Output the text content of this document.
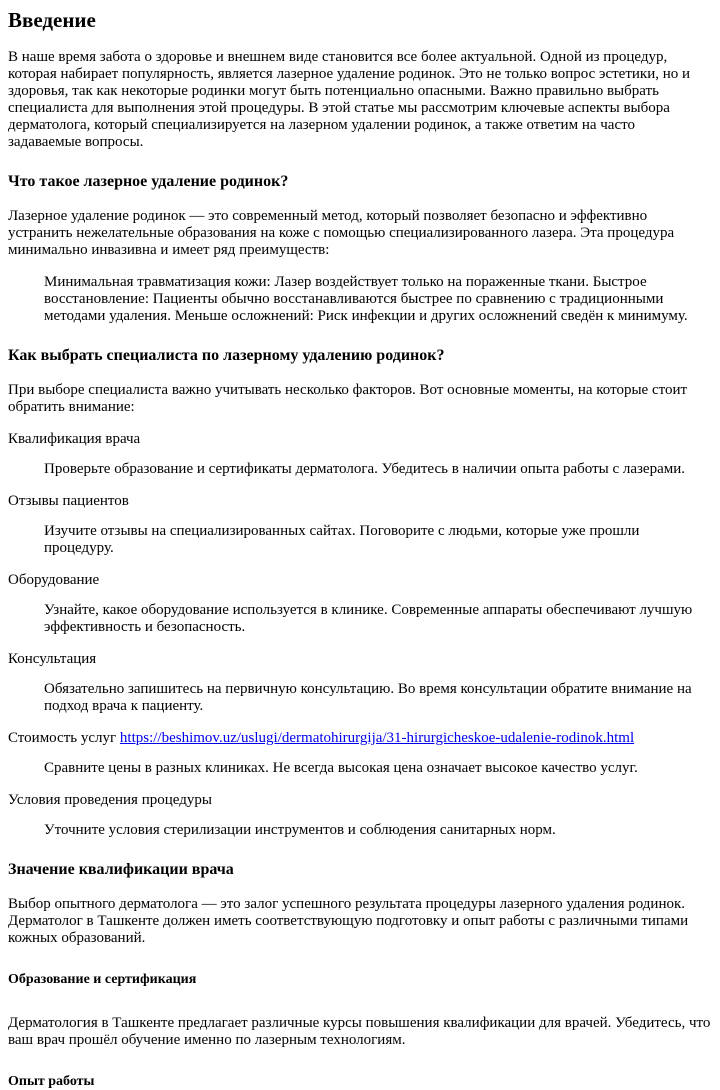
Введение

В наше время забота о здоровье и внешнем виде становится все более актуальной. Одной из процедур, которая набирает популярность, является лазерное удаление родинок. Это не только вопрос эстетики, но и здоровья, так как некоторые родинки могут быть потенциально опасными. Важно правильно выбрать специалиста для выполнения этой процедуры. В этой статье мы рассмотрим ключевые аспекты выбора дерматолога, который специализируется на лазерном удалении родинок, а также ответим на часто задаваемые вопросы.

Что такое лазерное удаление родинок?

Лазерное удаление родинок — это современный метод, который позволяет безопасно и эффективно устранить нежелательные образования на коже с помощью специализированного лазера. Эта процедура минимально инвазивна и имеет ряд преимуществ:

Минимальная травматизация кожи: Лазер воздействует только на пораженные ткани. Быстрое восстановление: Пациенты обычно восстанавливаются быстрее по сравнению с традиционными методами удаления. Меньше осложнений: Риск инфекции и других осложнений сведён к минимуму.
Как выбрать специалиста по лазерному удалению родинок?

При выборе специалиста важно учитывать несколько факторов. Вот основные моменты, на которые стоит обратить внимание:

Квалификация врача

Проверьте образование и сертификаты дерматолога. Убедитесь в наличии опыта работы с лазерами.

Отзывы пациентов

Изучите отзывы на специализированных сайтах. Поговорите с людьми, которые уже прошли процедуру.

Оборудование

Узнайте, какое оборудование используется в клинике. Современные аппараты обеспечивают лучшую эффективность и безопасность.

Консультация

Обязательно запишитесь на первичную консультацию. Во время консультации обратите внимание на подход врача к пациенту.

Стоимость услуг https://beshimov.uz/uslugi/dermatohirurgija/31-hirurgicheskoe-udalenie-rodinok.html

Сравните цены в разных клиниках. Не всегда высокая цена означает высокое качество услуг.

Условия проведения процедуры

Уточните условия стерилизации инструментов и соблюдения санитарных норм.
Значение квалификации врача

Выбор опытного дерматолога — это залог успешного результата процедуры лазерного удаления родинок. Дерматолог в Ташкенте должен иметь соответствующую подготовку и опыт работы с различными типами кожных образований.

Образование и сертификация

Дерматология в Ташкенте предлагает различные курсы повышения квалификации для врачей. Убедитесь, что ваш врач прошёл обучение именно по лазерным технологиям.

Опыт работы
